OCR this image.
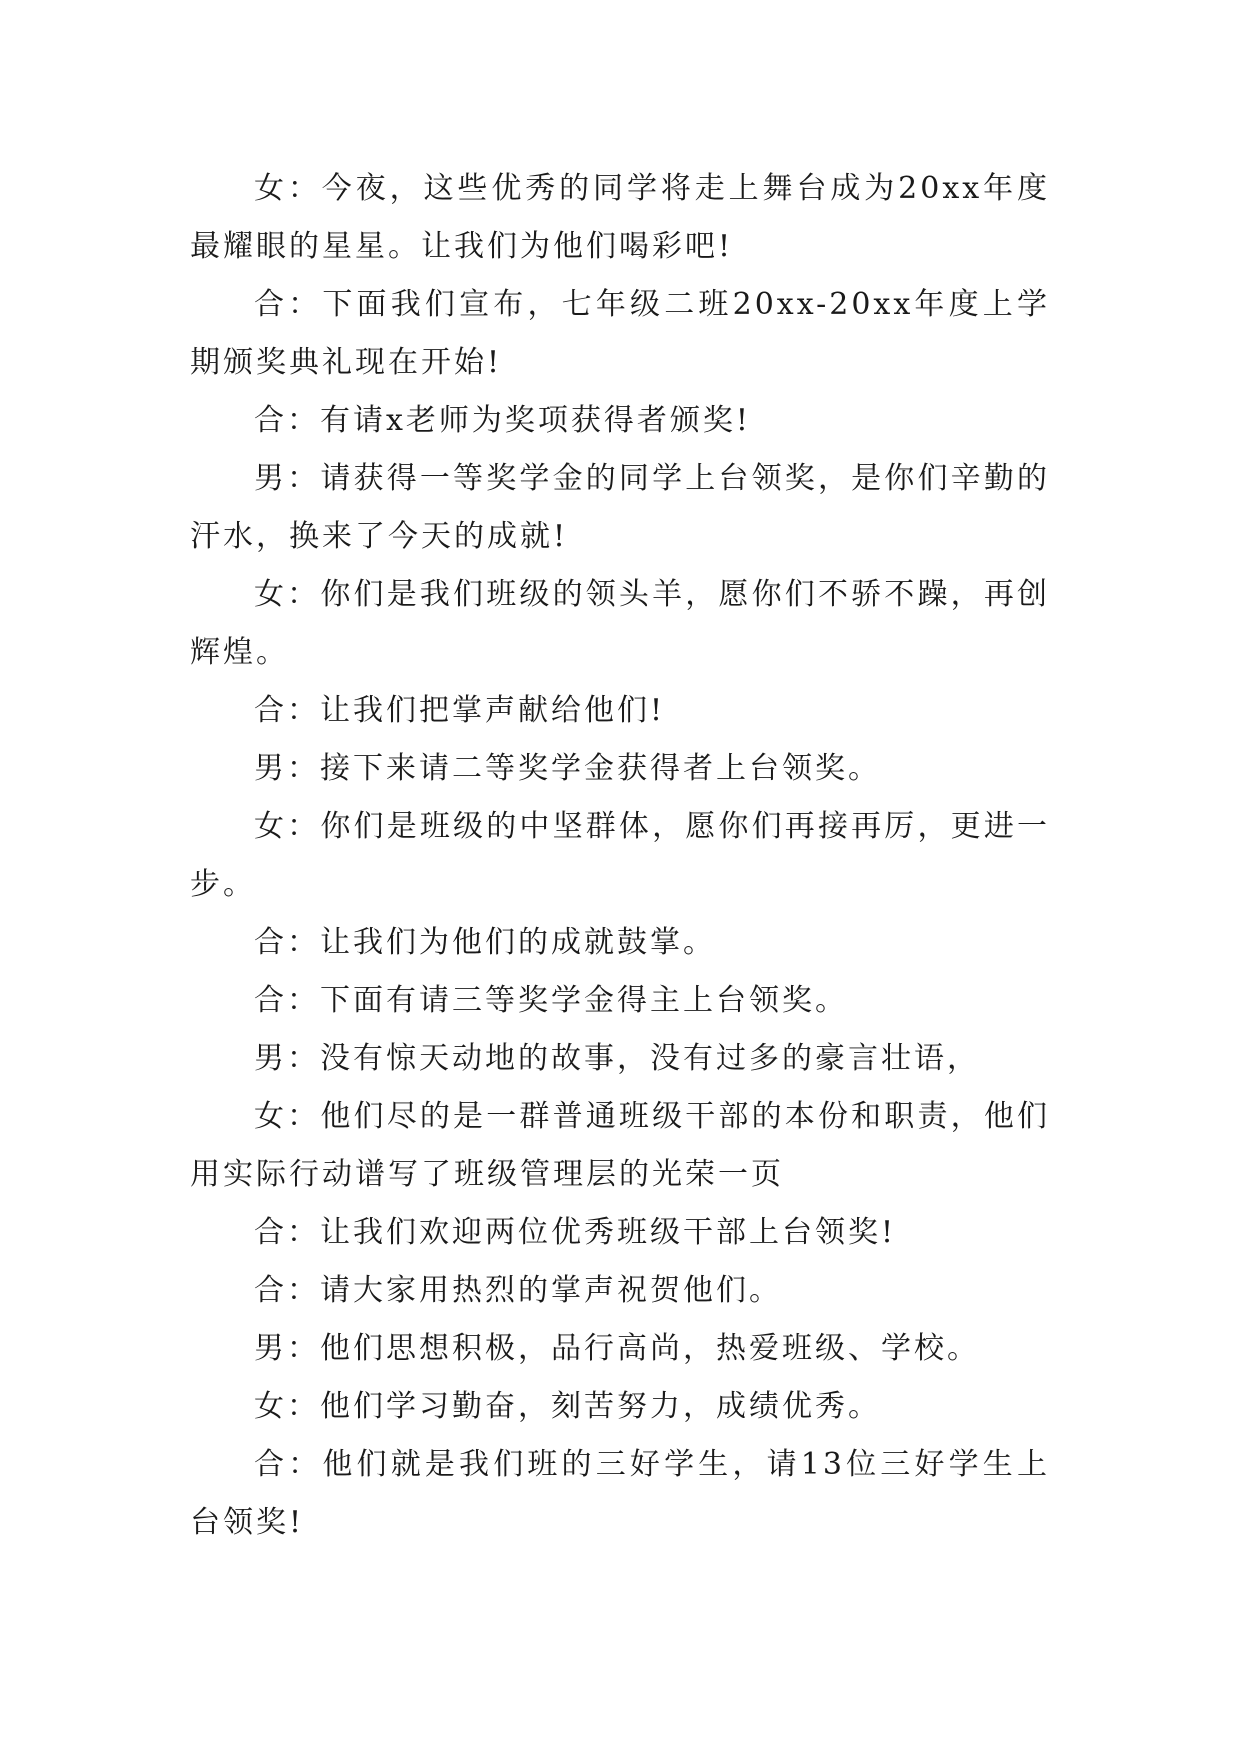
女：今夜，这些优秀的同学将走上舞台成为20xx年度最耀眼的星星。让我们为他们喝彩吧!

合：下面我们宣布，七年级二班20xx-20xx年度上学期颁奖典礼现在开始!

合：有请x老师为奖项获得者颁奖!

男：请获得一等奖学金的同学上台领奖，是你们辛勤的汗水，换来了今天的成就!

女：你们是我们班级的领头羊，愿你们不骄不躁，再创辉煌。

合：让我们把掌声献给他们!

男：接下来请二等奖学金获得者上台领奖。

女：你们是班级的中坚群体，愿你们再接再厉，更进一步。

合：让我们为他们的成就鼓掌。

合：下面有请三等奖学金得主上台领奖。

男：没有惊天动地的故事，没有过多的豪言壮语，

女：他们尽的是一群普通班级干部的本份和职责，他们用实际行动谱写了班级管理层的光荣一页

合：让我们欢迎两位优秀班级干部上台领奖!

合：请大家用热烈的掌声祝贺他们。

男：他们思想积极，品行高尚，热爱班级、学校。

女：他们学习勤奋，刻苦努力，成绩优秀。

合：他们就是我们班的三好学生，请13位三好学生上台领奖!
